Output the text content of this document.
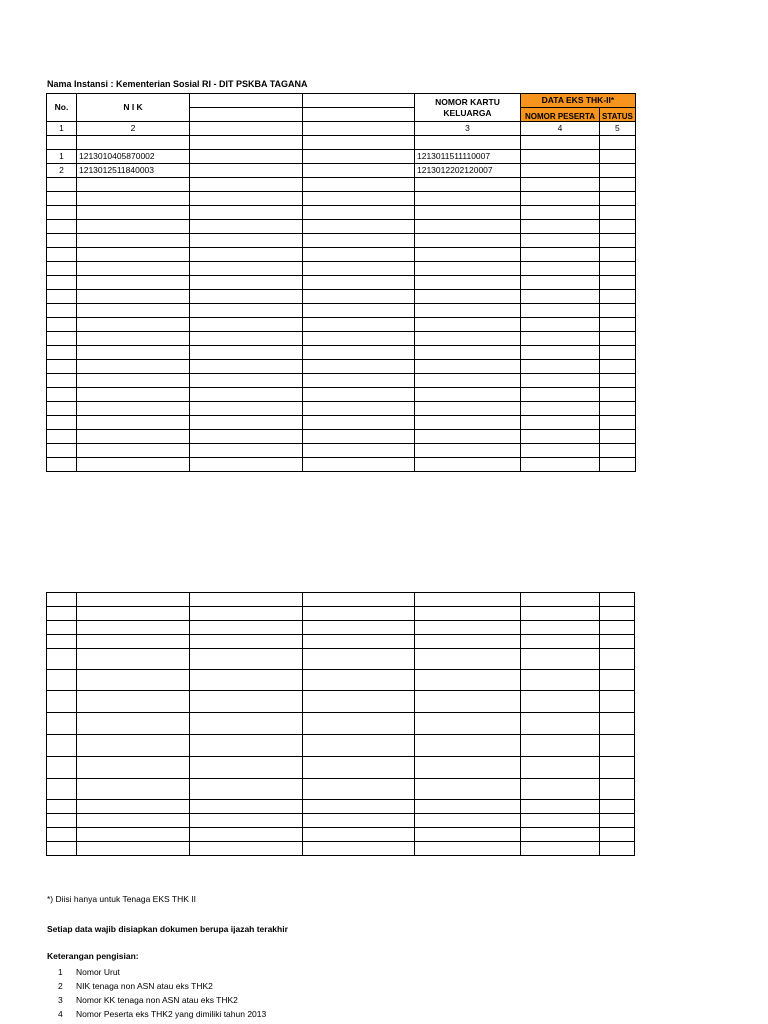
Nama Instansi : Kementerian Sosial RI - DIT PSKBA TAGANA
No.	N I K			NOMOR KARTU KELUARGA	DATA EKS THK-II*	
					NOMOR PESERTA	STATUS
1	2			3	4	5

1	1213010405870002			1213011511110007		
2	1213012511840003			1213012202120007		

*) Diisi hanya untuk Tenaga EKS THK II
Setiap data wajib disiapkan dokumen berupa ijazah terakhir
Keterangan pengisian:
1 Nomor Urut
2 NIK tenaga non ASN atau eks THK2
3 Nomor KK tenaga non ASN atau eks THK2
4 Nomor Peserta eks THK2 yang dimiliki tahun 2013
